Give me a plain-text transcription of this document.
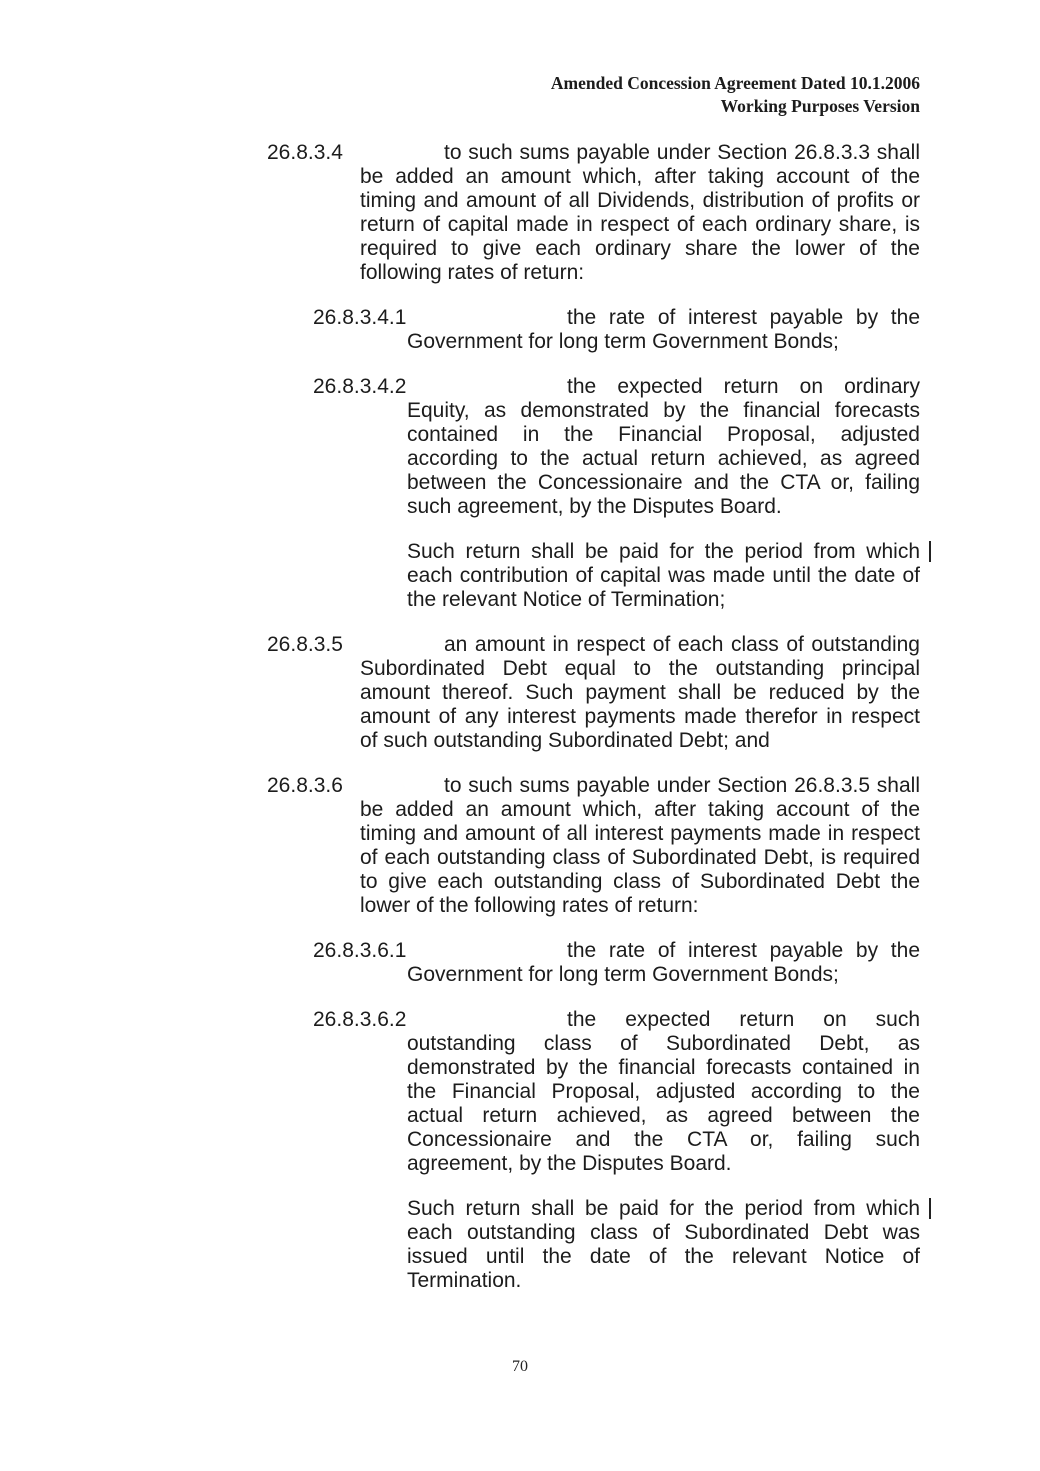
Amended Concession Agreement Dated 10.1.2006
Working Purposes Version
26.8.3.4	to such sums payable under Section 26.8.3.3 shall be added an amount which, after taking account of the timing and amount of all Dividends, distribution of profits or return of capital made in respect of each ordinary share, is required to give each ordinary share the lower of the following rates of return:

26.8.3.4.1	the rate of interest payable by the Government for long term Government Bonds;

26.8.3.4.2	the expected return on ordinary Equity, as demonstrated by the financial forecasts contained in the Financial Proposal, adjusted according to the actual return achieved, as agreed between the Concessionaire and the CTA or, failing such agreement, by the Disputes Board.

Such return shall be paid for the period from which each contribution of capital was made until the date of the relevant Notice of Termination;

26.8.3.5	an amount in respect of each class of outstanding Subordinated Debt equal to the outstanding principal amount thereof. Such payment shall be reduced by the amount of any interest payments made therefor in respect of such outstanding Subordinated Debt; and

26.8.3.6	to such sums payable under Section 26.8.3.5 shall be added an amount which, after taking account of the timing and amount of all interest payments made in respect of each outstanding class of Subordinated Debt, is required to give each outstanding class of Subordinated Debt the lower of the following rates of return:

26.8.3.6.1	the rate of interest payable by the Government for long term Government Bonds;

26.8.3.6.2	the expected return on such outstanding class of Subordinated Debt, as demonstrated by the financial forecasts contained in the Financial Proposal, adjusted according to the actual return achieved, as agreed between the Concessionaire and the CTA or, failing such agreement, by the Disputes Board.

Such return shall be paid for the period from which each outstanding class of Subordinated Debt was issued until the date of the relevant Notice of Termination.

70
